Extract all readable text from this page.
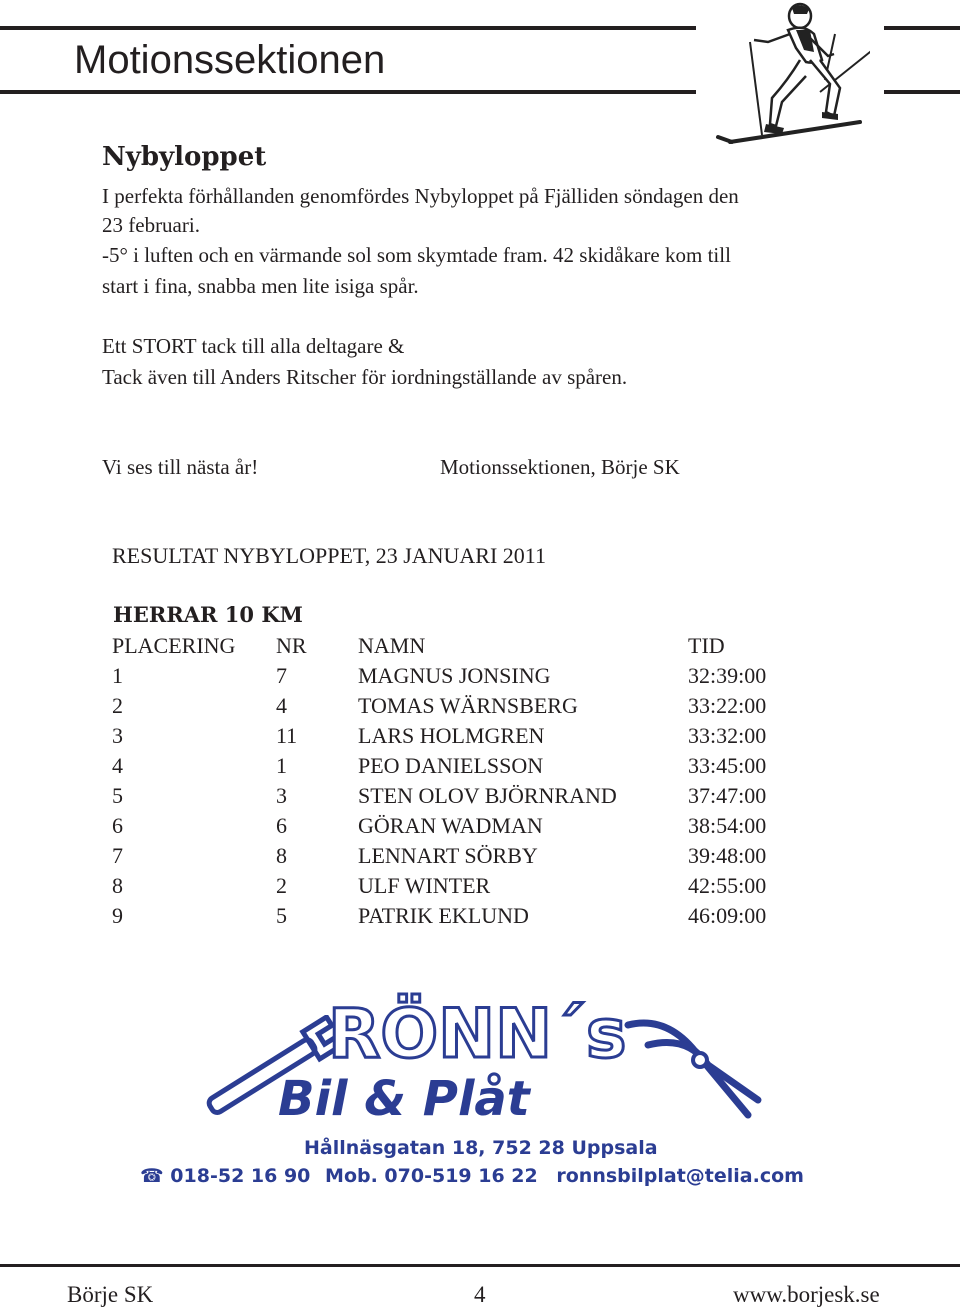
Motionssektionen
Nybyloppet
I perfekta förhållanden genomfördes Nybyloppet på Fjälliden söndagen den
23 februari.
-5° i luften och en värmande sol som skymtade fram. 42 skidåkare kom till
start i fina, snabba men lite isiga spår.
Ett STORT tack till alla deltagare &
Tack även till Anders Ritscher för iordningställande av spåren.
Vi ses till nästa år!	Motionssektionen, Börje SK
RESULTAT NYBYLOPPET, 23 JANUARI 2011
HERRAR 10 KM
PLACERING NR NAMN	TID
1	7	MAGNUS JONSING	32:39:00
2	4	TOMAS WÄRNSBERG	33:22:00
3	11	LARS HOLMGREN	33:32:00
4	1	PEO DANIELSSON	33:45:00
5	3	STEN OLOV BJÖRNRAND	37:47:00
6	6	GÖRAN WADMAN	38:54:00
7	8	LENNART SÖRBY	39:48:00
8	2	ULF WINTER	42:55:00
9	5	PATRIK EKLUND	46:09:00
RÖNN´s
Bil & Plåt
Hållnäsgatan 18, 752 28 Uppsala
☎ 018-52 16 90 Mob. 070-519 16 22 ronnsbilplat@telia.com
Börje SK	4	www.borjesk.se
